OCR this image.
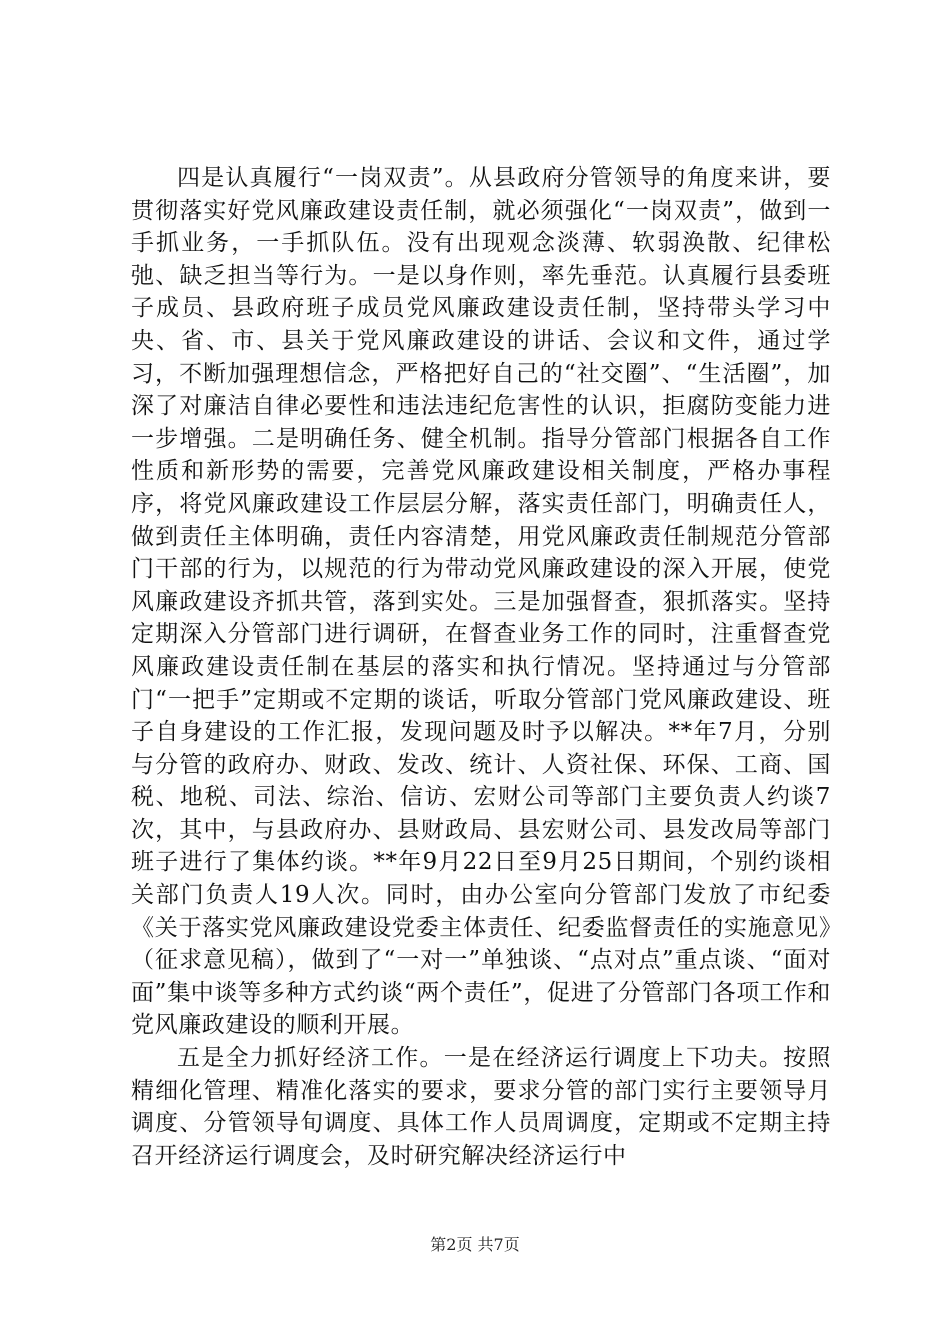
四是认真履行“一岗双责”。从县政府分管领导的角度来讲，要贯彻落实好党风廉政建设责任制，就必须强化“一岗双责”，做到一手抓业务，一手抓队伍。没有出现观念淡薄、软弱涣散、纪律松弛、缺乏担当等行为。一是以身作则，率先垂范。认真履行县委班子成员、县政府班子成员党风廉政建设责任制，坚持带头学习中央、省、市、县关于党风廉政建设的讲话、会议和文件，通过学习，不断加强理想信念，严格把好自己的“社交圈”、“生活圈”，加深了对廉洁自律必要性和违法违纪危害性的认识，拒腐防变能力进一步增强。二是明确任务、健全机制。指导分管部门根据各自工作性质和新形势的需要，完善党风廉政建设相关制度，严格办事程序，将党风廉政建设工作层层分解，落实责任部门，明确责任人，做到责任主体明确，责任内容清楚，用党风廉政责任制规范分管部门干部的行为，以规范的行为带动党风廉政建设的深入开展，使党风廉政建设齐抓共管，落到实处。三是加强督查，狠抓落实。坚持定期深入分管部门进行调研，在督查业务工作的同时，注重督查党风廉政建设责任制在基层的落实和执行情况。坚持通过与分管部门“一把手”定期或不定期的谈话，听取分管部门党风廉政建设、班子自身建设的工作汇报，发现问题及时予以解决。**年7月，分别与分管的政府办、财政、发改、统计、人资社保、环保、工商、国税、地税、司法、综治、信访、宏财公司等部门主要负责人约谈7次，其中，与县政府办、县财政局、县宏财公司、县发改局等部门班子进行了集体约谈。**年9月22日至9月25日期间，个别约谈相关部门负责人19人次。同时，由办公室向分管部门发放了市纪委《关于落实党风廉政建设党委主体责任、纪委监督责任的实施意见》（征求意见稿），做到了“一对一”单独谈、“点对点”重点谈、“面对面”集中谈等多种方式约谈“两个责任”，促进了分管部门各项工作和党风廉政建设的顺利开展。

五是全力抓好经济工作。一是在经济运行调度上下功夫。按照精细化管理、精准化落实的要求，要求分管的部门实行主要领导月调度、分管领导旬调度、具体工作人员周调度，定期或不定期主持召开经济运行调度会，及时研究解决经济运行中

第2页 共7页
